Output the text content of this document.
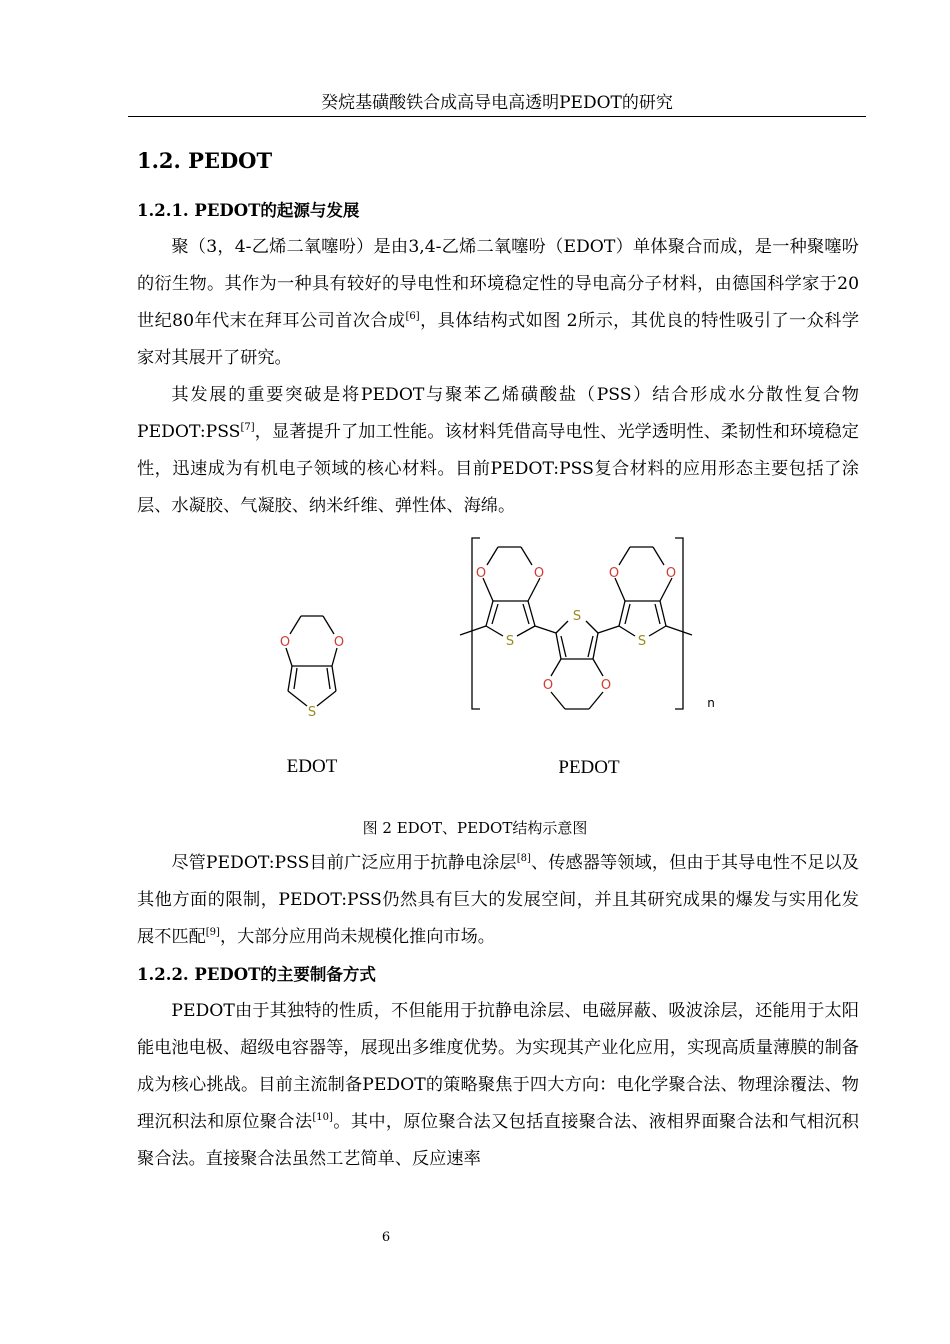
癸烷基磺酸铁合成高导电高透明PEDOT的研究
1.2. PEDOT
1.2.1. PEDOT的起源与发展

聚（3，4-乙烯二氧噻吩）是由3,4-乙烯二氧噻吩（EDOT）单体聚合而成，是一种聚噻吩的衍生物。其作为一种具有较好的导电性和环境稳定性的导电高分子材料，由德国科学家于20世纪80年代末在拜耳公司首次合成[6]，具体结构式如图 2所示，其优良的特性吸引了一众科学家对其展开了研究。

其发展的重要突破是将PEDOT与聚苯乙烯磺酸盐（PSS）结合形成水分散性复合物PEDOT:PSS[7]，显著提升了加工性能。该材料凭借高导电性、光学透明性、柔韧性和环境稳定性，迅速成为有机电子领域的核心材料。目前PEDOT:PSS复合材料的应用形态主要包括了涂层、水凝胶、气凝胶、纳米纤维、弹性体、海绵。

O	O
S
O	O
S
S
O	O
O	O
S
n
EDOT	PEDOT
图 2 EDOT、PEDOT结构示意图

尽管PEDOT:PSS目前广泛应用于抗静电涂层[8]、传感器等领域，但由于其导电性不足以及其他方面的限制，PEDOT:PSS仍然具有巨大的发展空间，并且其研究成果的爆发与实用化发展不匹配[9]，大部分应用尚未规模化推向市场。

1.2.2. PEDOT的主要制备方式

PEDOT由于其独特的性质，不但能用于抗静电涂层、电磁屏蔽、吸波涂层，还能用于太阳能电池电极、超级电容器等，展现出多维度优势。为实现其产业化应用，实现高质量薄膜的制备成为核心挑战。目前主流制备PEDOT的策略聚焦于四大方向：电化学聚合法、物理涂覆法、物理沉积法和原位聚合法[10]。其中，原位聚合法又包括直接聚合法、液相界面聚合法和气相沉积聚合法。直接聚合法虽然工艺简单、反应速率

6
